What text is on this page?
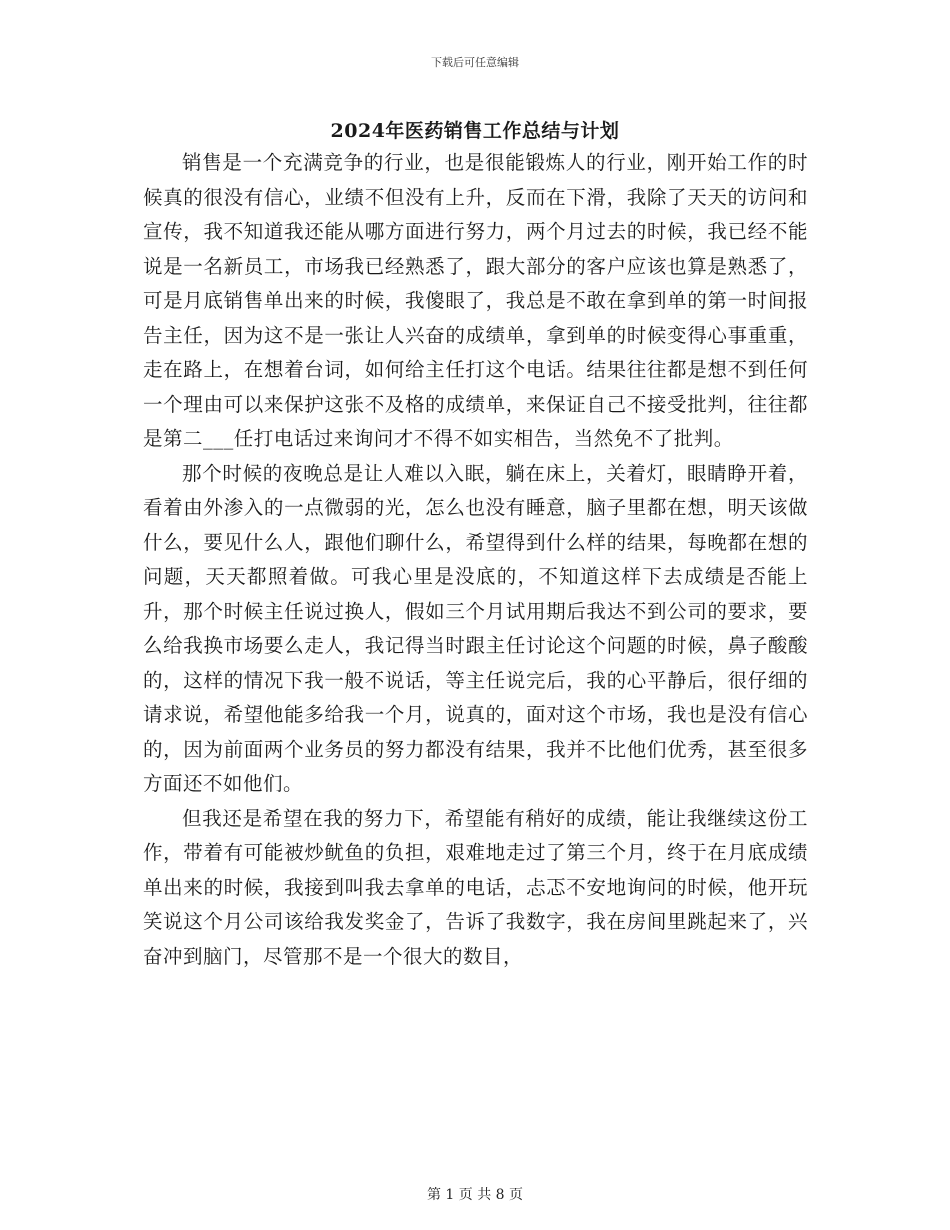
下载后可任意编辑
2024年医药销售工作总结与计划

销售是一个充满竞争的行业，也是很能锻炼人的行业，刚开始工作的时候真的很没有信心，业绩不但没有上升，反而在下滑，我除了天天的访问和宣传，我不知道我还能从哪方面进行努力，两个月过去的时候，我已经不能说是一名新员工，市场我已经熟悉了，跟大部分的客户应该也算是熟悉了，可是月底销售单出来的时候，我傻眼了，我总是不敢在拿到单的第一时间报告主任，因为这不是一张让人兴奋的成绩单，拿到单的时候变得心事重重，走在路上，在想着台词，如何给主任打这个电话。结果往往都是想不到任何一个理由可以来保护这张不及格的成绩单，来保证自己不接受批判，往往都是第二___任打电话过来询问才不得不如实相告，当然免不了批判。

那个时候的夜晚总是让人难以入眠，躺在床上，关着灯，眼睛睁开着，看着由外渗入的一点微弱的光，怎么也没有睡意，脑子里都在想，明天该做什么，要见什么人，跟他们聊什么，希望得到什么样的结果，每晚都在想的问题，天天都照着做。可我心里是没底的，不知道这样下去成绩是否能上升，那个时候主任说过换人，假如三个月试用期后我达不到公司的要求，要么给我换市场要么走人，我记得当时跟主任讨论这个问题的时候，鼻子酸酸的，这样的情况下我一般不说话，等主任说完后，我的心平静后，很仔细的请求说，希望他能多给我一个月，说真的，面对这个市场，我也是没有信心的，因为前面两个业务员的努力都没有结果，我并不比他们优秀，甚至很多方面还不如他们。

但我还是希望在我的努力下，希望能有稍好的成绩，能让我继续这份工作，带着有可能被炒鱿鱼的负担，艰难地走过了第三个月，终于在月底成绩单出来的时候，我接到叫我去拿单的电话，忐忑不安地询问的时候，他开玩笑说这个月公司该给我发奖金了，告诉了我数字，我在房间里跳起来了，兴奋冲到脑门，尽管那不是一个很大的数目，

第 1 页 共 8 页
